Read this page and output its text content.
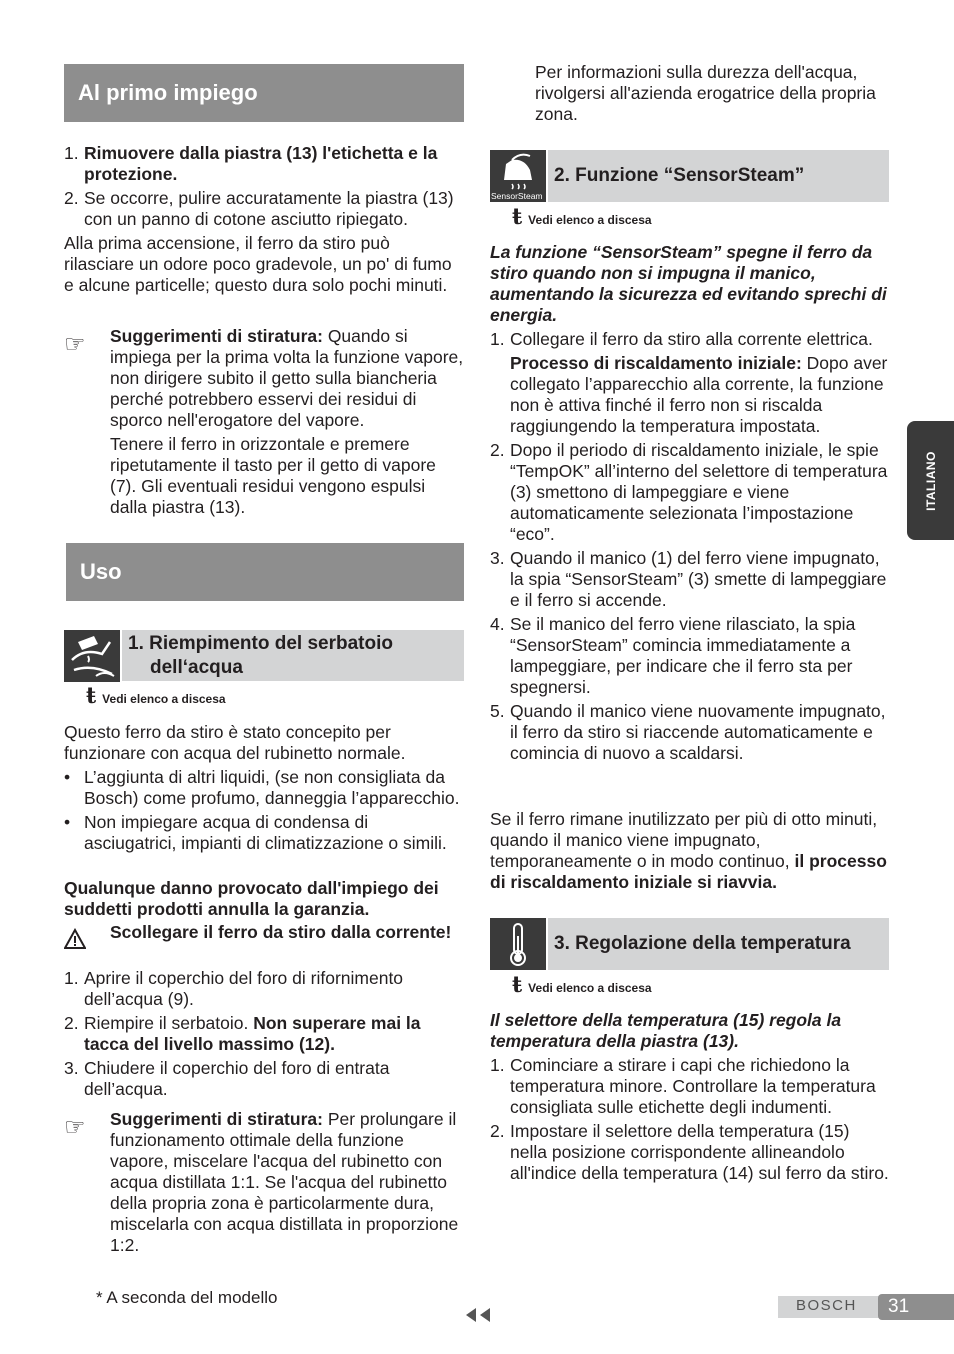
Al primo impiego
1. Rimuovere dalla piastra (13) l'etichetta e la protezione.
2. Se occorre, pulire accuratamente la piastra (13) con un panno di cotone asciutto ripiegato.

Alla prima accensione, il ferro da stiro può rilasciare un odore poco gradevole, un po' di fumo e alcune particelle; questo dura solo pochi minuti.

☞ Suggerimenti di stiratura: Quando si impiega per la prima volta la funzione vapore, non dirigere subito il getto sulla biancheria perché potrebbero esservi dei residui di sporco nell'erogatore del vapore.

Tenere il ferro in orizzontale e premere ripetutamente il tasto per il getto di vapore (7). Gli eventuali residui vengono espulsi dalla piastra (13).

Uso
1. Riempimento del serbatoio dell‘acqua
ŧ Vedi elenco a discesa

Questo ferro da stiro è stato concepito per funzionare con acqua del rubinetto normale.

• L’aggiunta di altri liquidi, (se non consigliata da Bosch) come profumo, danneggia l’apparecchio.
• Non impiegare acqua di condensa di asciugatrici, impianti di climatizzazione o simili.

Qualunque danno provocato dall'impiego dei suddetti prodotti annulla la garanzia.

Scollegare il ferro da stiro dalla corrente!

1. Aprire il coperchio del foro di rifornimento dell’acqua (9).
2. Riempire il serbatoio. Non superare mai la tacca del livello massimo (12).
3. Chiudere il coperchio del foro di entrata dell’acqua.
☞ Suggerimenti di stiratura: Per prolungare il funzionamento ottimale della funzione vapore, miscelare l'acqua del rubinetto con acqua distillata 1:1. Se l'acqua del rubinetto della propria zona è particolarmente dura, miscelarla con acqua distillata in proporzione 1:2.

* A seconda del modello

Per informazioni sulla durezza dell'acqua, rivolgersi all'azienda erogatrice della propria zona.

SensorSteam
2. Funzione “SensorSteam”
ŧ Vedi elenco a discesa

La funzione “SensorSteam” spegne il ferro da stiro quando non si impugna il manico, aumentando la sicurezza ed evitando sprechi di energia.

1. Collegare il ferro da stiro alla corrente elettrica.
Processo di riscaldamento iniziale: Dopo aver collegato l’apparecchio alla corrente, la funzione non è attiva finché il ferro non si riscalda raggiungendo la temperatura impostata.
2. Dopo il periodo di riscaldamento iniziale, le spie “TempOK” all’interno del selettore di temperatura (3) smettono di lampeggiare e viene automaticamente selezionata l’impostazione “eco”.
3. Quando il manico (1) del ferro viene impugnato, la spia “SensorSteam” (3) smette di lampeggiare e il ferro si accende.
4. Se il manico del ferro viene rilasciato, la spia “SensorSteam” comincia immediatamente a lampeggiare, per indicare che il ferro sta per spegnersi.
5. Quando il manico viene nuovamente impugnato, il ferro da stiro si riaccende automaticamente e comincia di nuovo a scaldarsi.

Se il ferro rimane inutilizzato per più di otto minuti, quando il manico viene impugnato, temporaneamente o in modo continuo, il processo di riscaldamento iniziale si riavvia.

3. Regolazione della temperatura
ŧ Vedi elenco a discesa

Il selettore della temperatura (15) regola la temperatura della piastra (13).

1. Cominciare a stirare i capi che richiedono la temperatura minore. Controllare la temperatura consigliata sulle etichette degli indumenti.
2. Impostare il selettore della temperatura (15) nella posizione corrispondente allineandolo all'indice della temperatura (14) sul ferro da stiro.
ITALIANO
BOSCH 31
